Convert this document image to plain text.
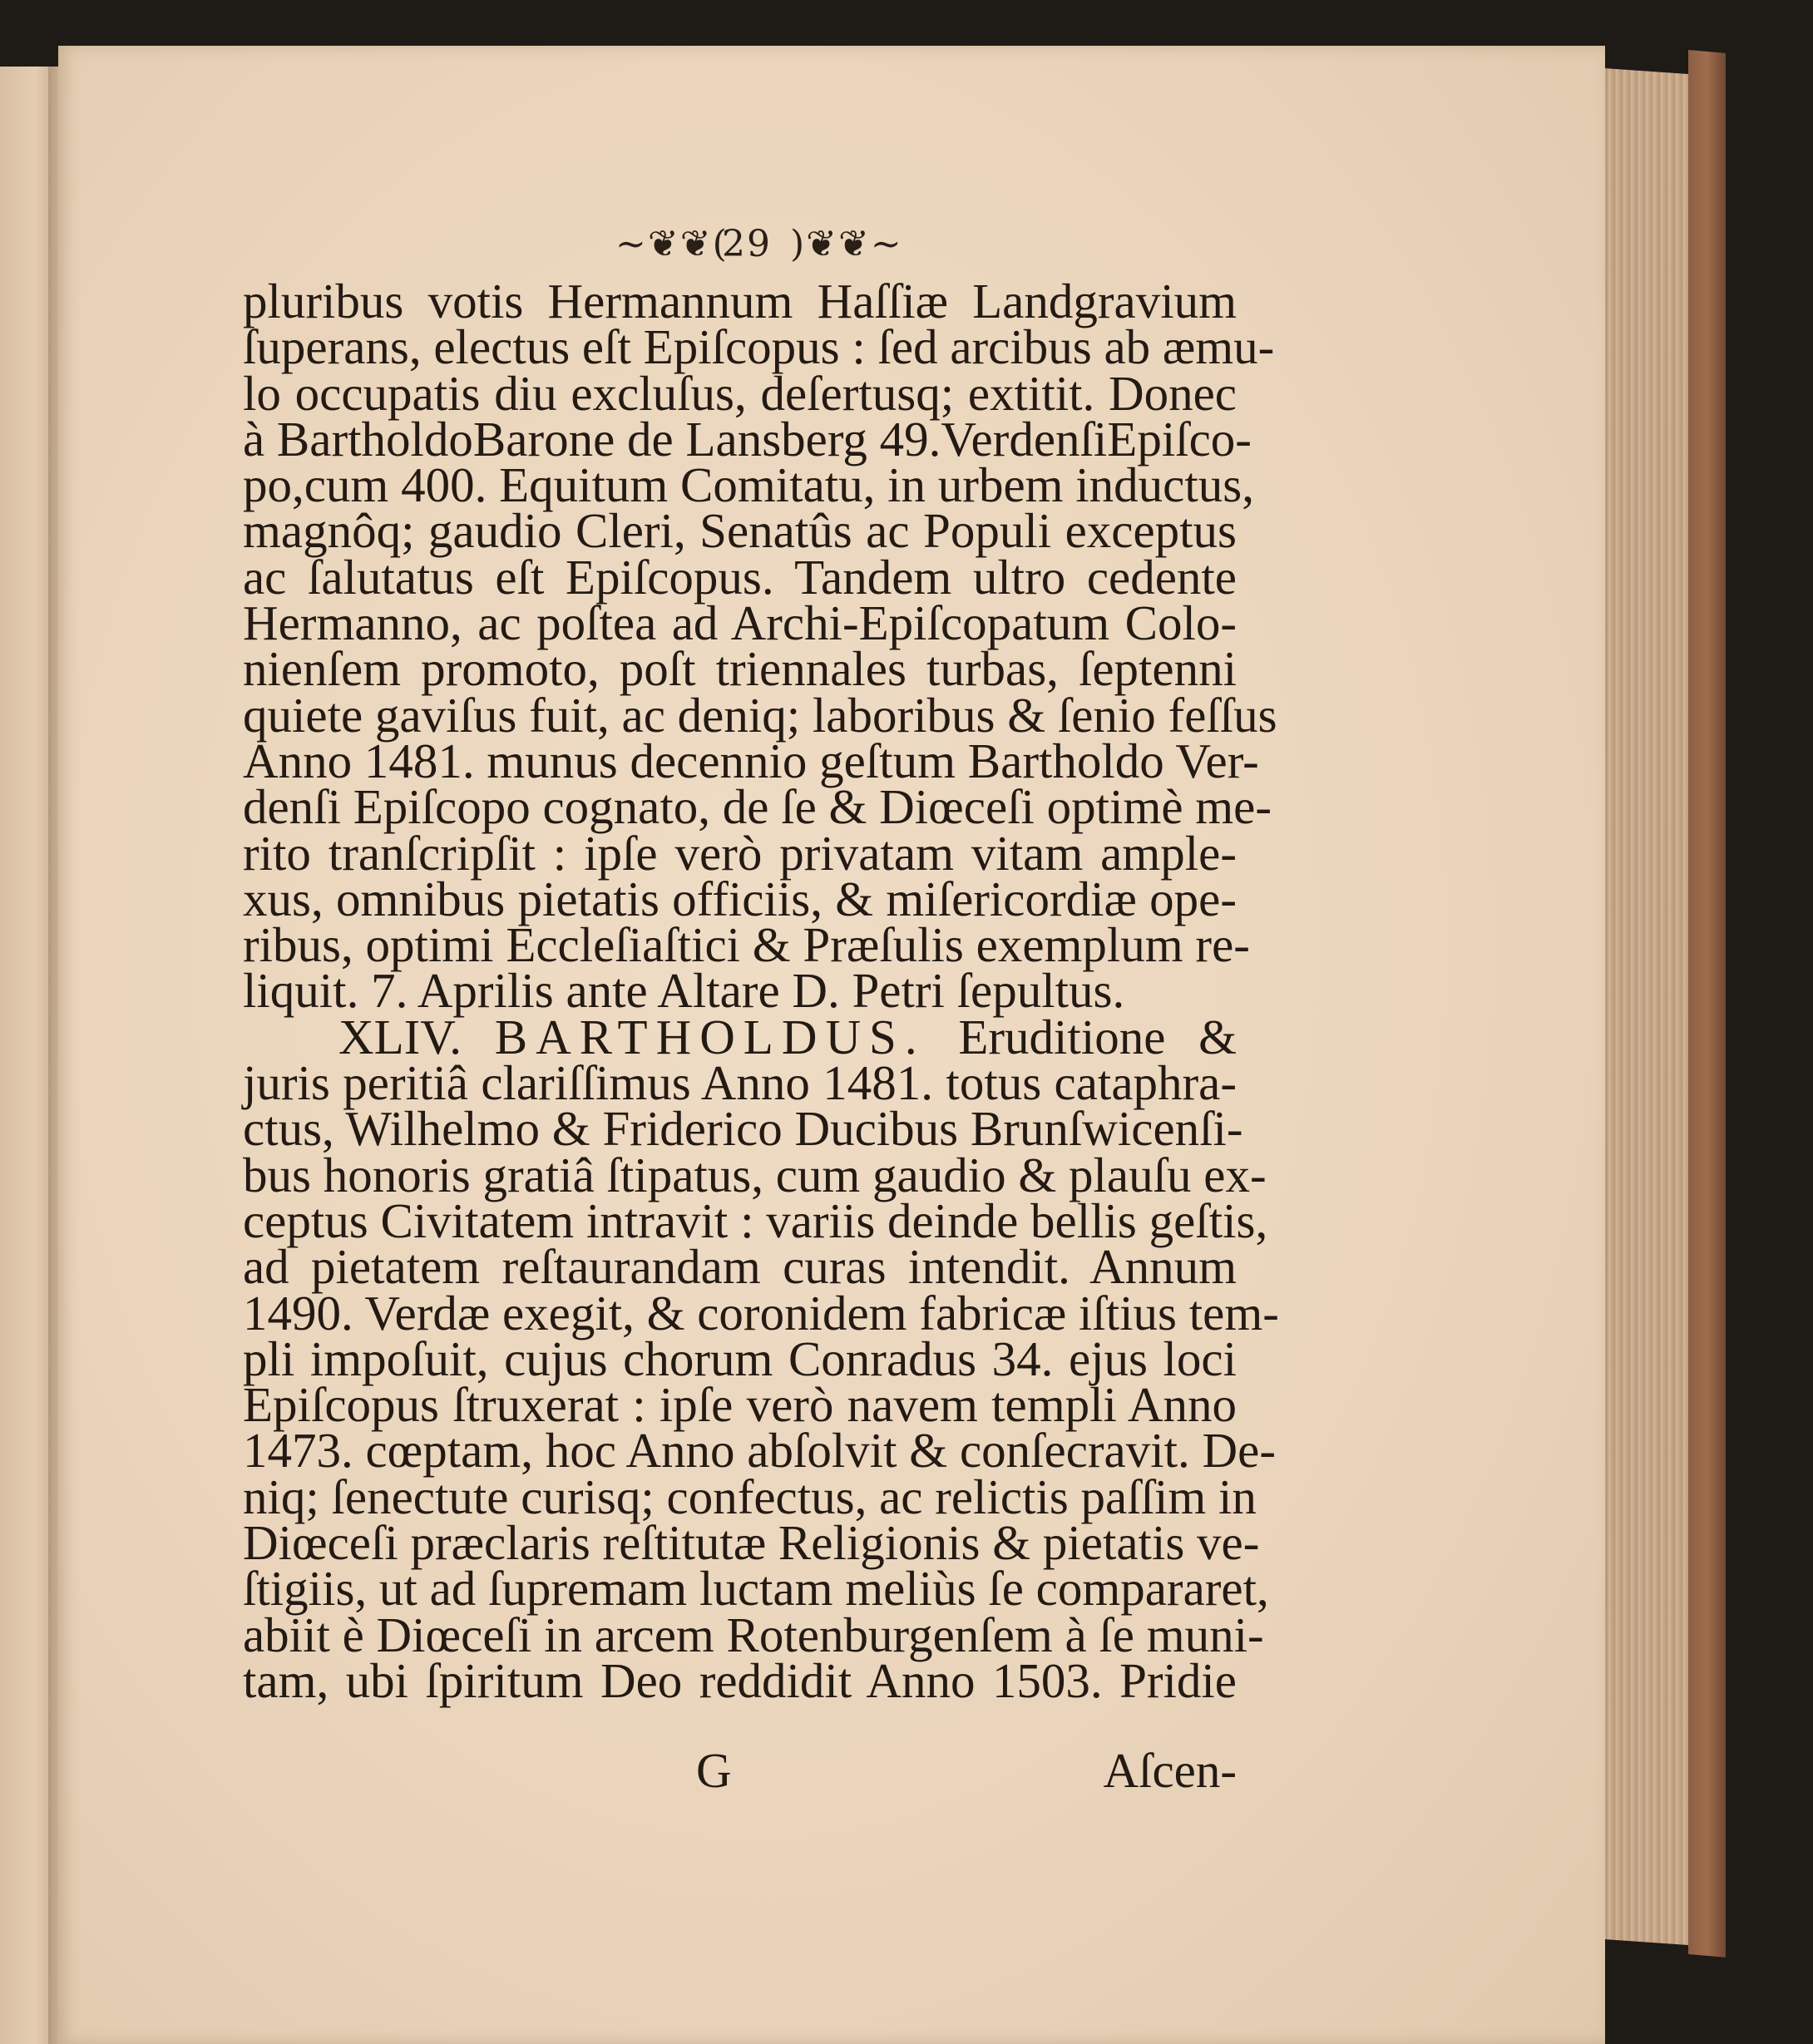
~❦❦(
29 )❦❦~
pluribus votis Hermannum Haſſiæ Landgravium
ſuperans, electus eſt Epiſcopus : ſed arcibus ab æmu-
lo occupatis diu excluſus, deſertusq; extitit. Donec
à BartholdoBarone de Lansberg 49.VerdenſiEpiſco-
po,cum 400. Equitum Comitatu, in urbem inductus,
magnôq; gaudio Cleri, Senatûs ac Populi exceptus
ac ſalutatus eſt Epiſcopus. Tandem ultro cedente
Hermanno, ac poſtea ad Archi-Epiſcopatum Colo-
nienſem promoto, poſt triennales turbas, ſeptenni
quiete gaviſus fuit, ac deniq; laboribus & ſenio feſſus
Anno 1481. munus decennio geſtum Bartholdo Ver-
denſi Epiſcopo cognato, de ſe & Diœceſi optimè me-
rito tranſcripſit : ipſe verò privatam vitam ample-
xus, omnibus pietatis officiis, & miſericordiæ ope-
ribus, optimi Eccleſiaſtici & Præſulis exemplum re-
liquit. 7. Aprilis ante Altare D. Petri ſepultus.
XLIV. BARTHOLDUS. Eruditione &
juris peritiâ clariſſimus Anno 1481. totus cataphra-
ctus, Wilhelmo & Friderico Ducibus Brunſwicenſi-
bus honoris gratiâ ſtipatus, cum gaudio & plauſu ex-
ceptus Civitatem intravit : variis deinde bellis geſtis,
ad pietatem reſtaurandam curas intendit. Annum
1490. Verdæ exegit, & coronidem fabricæ iſtius tem-
pli impoſuit, cujus chorum Conradus 34. ejus loci
Epiſcopus ſtruxerat : ipſe verò navem templi Anno
1473. cœptam, hoc Anno abſolvit & conſecravit. De-
niq; ſenectute curisq; confectus, ac relictis paſſim in
Diœceſi præclaris reſtitutæ Religionis & pietatis ve-
ſtigiis, ut ad ſupremam luctam meliùs ſe compararet,
abiit è Diœceſi in arcem Rotenburgenſem à ſe muni-
tam, ubi ſpiritum Deo reddidit Anno 1503. Pridie
G	Aſcen-
